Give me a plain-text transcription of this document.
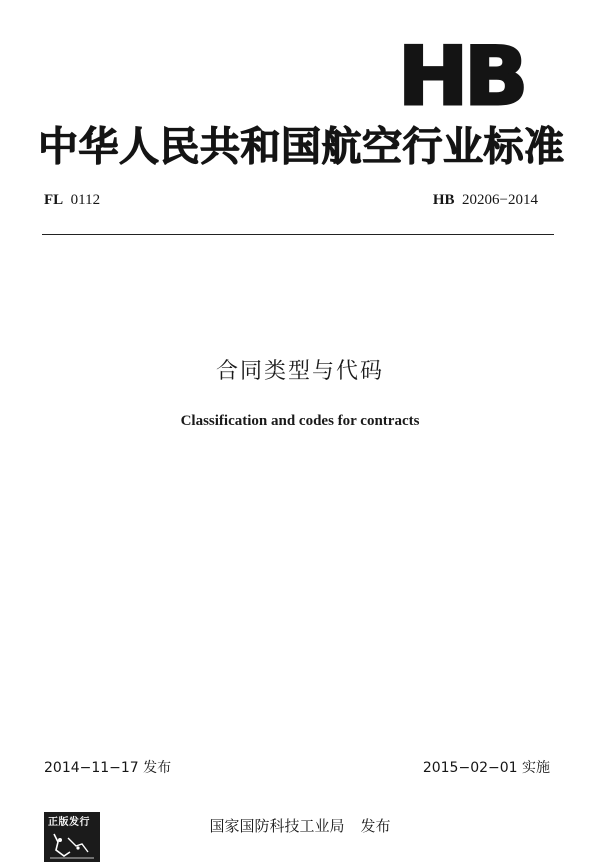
HB
中华人民共和国航空行业标准
FL 0112	HB 20206−2014
合同类型与代码
Classification and codes for contracts
2014−11−17 发布	2015−02−01 实施
国家国防科技工业局 发布
正版发行
